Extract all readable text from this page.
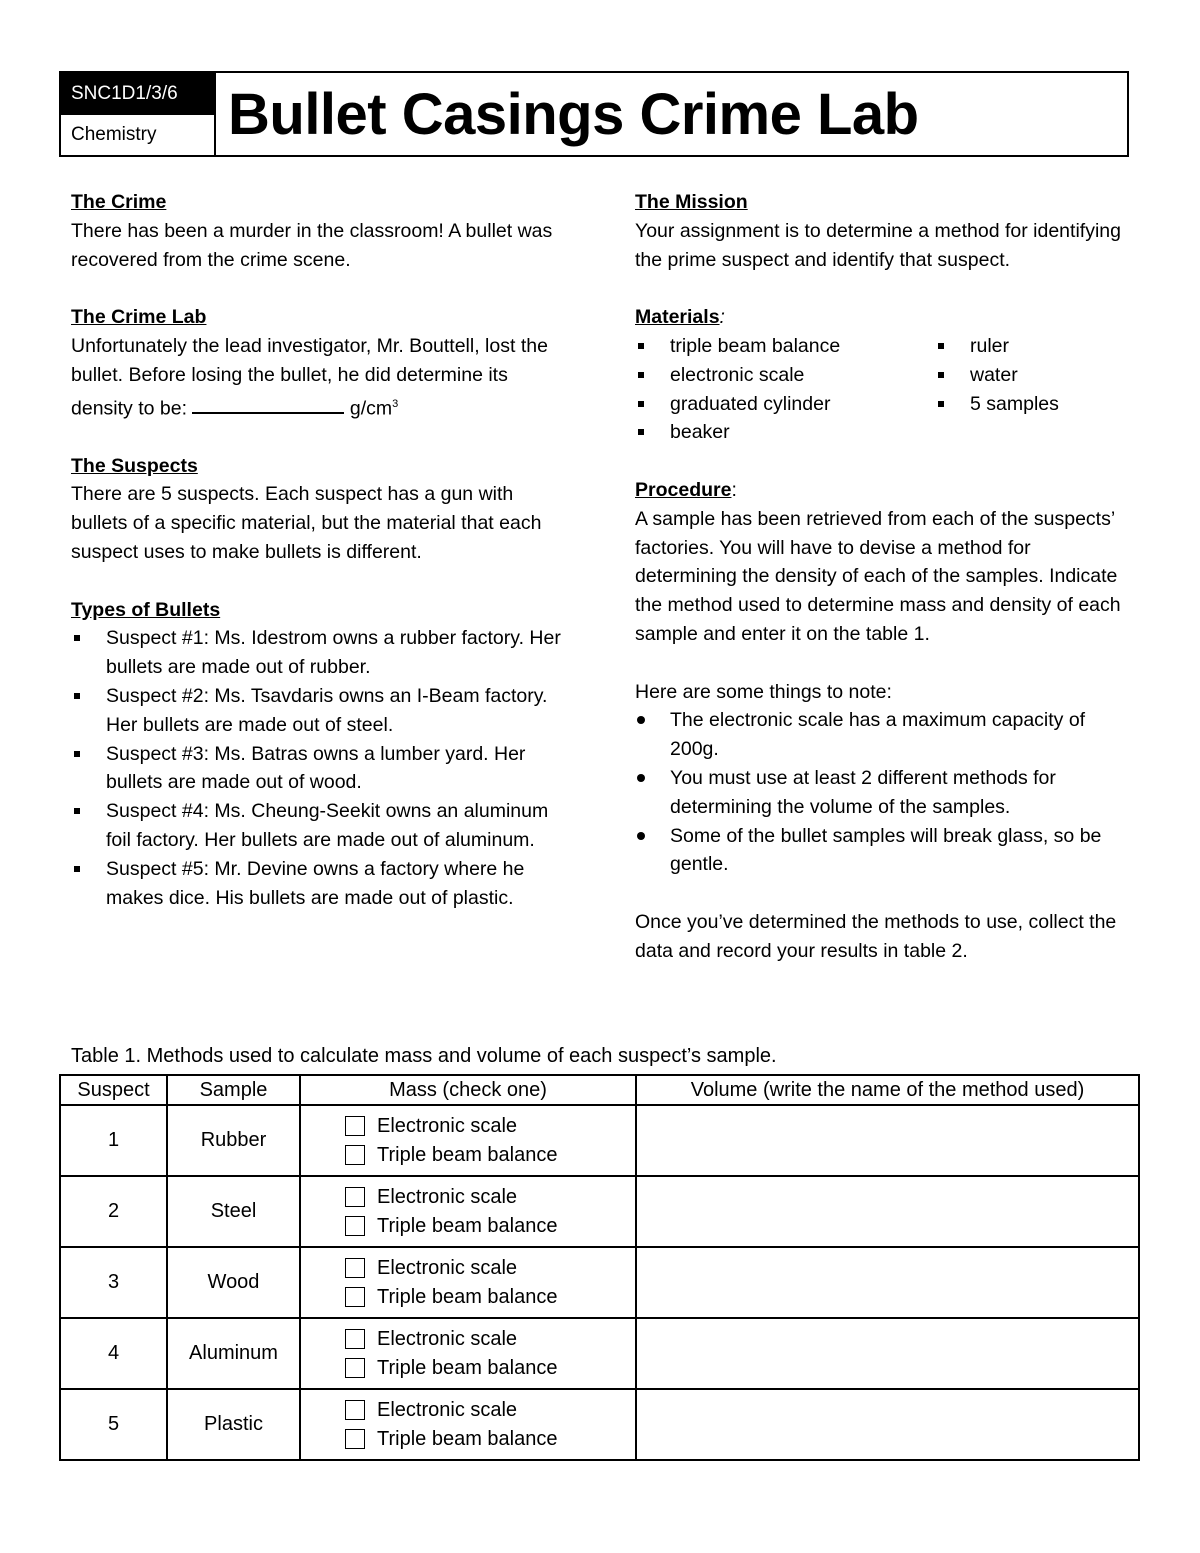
SNC1D1/3/6
Chemistry	Bullet Casings Crime Lab
The Crime

There has been a murder in the classroom! A bullet was recovered from the crime scene.

The Crime Lab

Unfortunately the lead investigator, Mr. Bouttell, lost the bullet. Before losing the bullet, he did determine its density to be:	$g/cm^3$

The Suspects

There are 5 suspects. Each suspect has a gun with bullets of a specific material, but the material that each suspect uses to make bullets is different.

Types of Bullets
Suspect #1: Ms. Idestrom owns a rubber factory. Her bullets are made out of rubber.
Suspect #2: Ms. Tsavdaris owns an I-Beam factory. Her bullets are made out of steel.
Suspect #3: Ms. Batras owns a lumber yard. Her bullets are made out of wood.
Suspect #4: Ms. Cheung-Seekit owns an aluminum foil factory. Her bullets are made out of aluminum.
Suspect #5: Mr. Devine owns a factory where he makes dice. His bullets are made out of plastic.
The Mission

Your assignment is to determine a method for identifying the prime suspect and identify that suspect.

Materials:
triple beam balance
electronic scale
graduated cylinder
beaker
ruler
water
5 samples
Procedure:

A sample has been retrieved from each of the suspects’ factories. You will have to devise a method for determining the density of each of the samples. Indicate the method used to determine mass and density of each sample and enter it on the table 1.

Here are some things to note:

The electronic scale has a maximum capacity of 200g.
You must use at least 2 different methods for determining the volume of the samples.
Some of the bullet samples will break glass, so be gentle.

Once you’ve determined the methods to use, collect the data and record your results in table 2.

Table 1. Methods used to calculate mass and volume of each suspect’s sample.
Suspect	Sample	Mass (check one)	Volume (write the name of the method used)
1	Rubber	Electronic scale
Triple beam balance	

2	Steel	Electronic scale
Triple beam balance	

3	Wood	Electronic scale
Triple beam balance	

4	Aluminum	Electronic scale
Triple beam balance	

5	Plastic	Electronic scale
Triple beam balance	
